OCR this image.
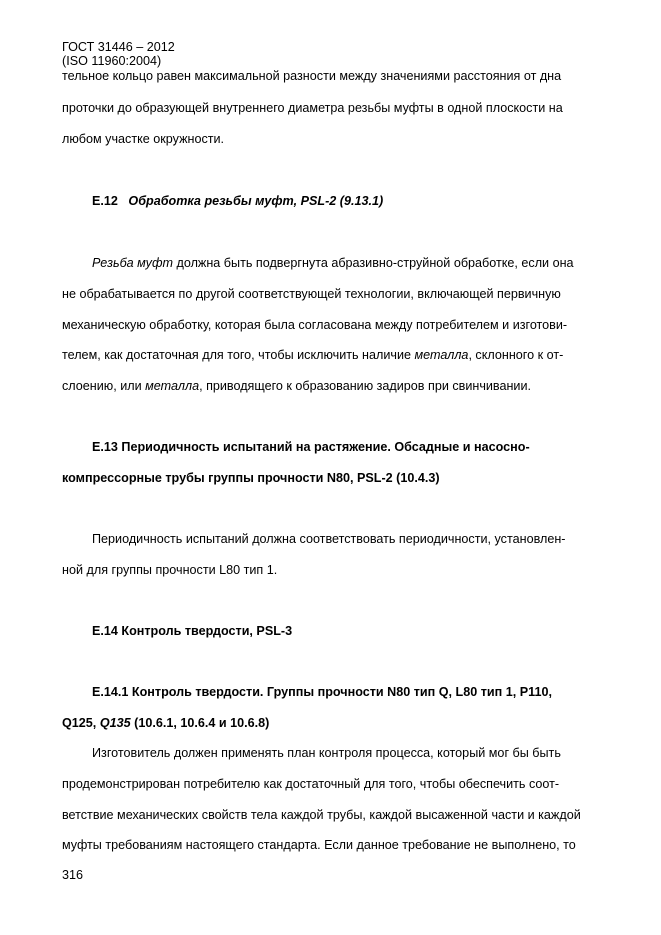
ГОСТ 31446 – 2012
(ISO 11960:2004)
тельное кольцо равен максимальной разности между значениями расстояния от дна
проточки до образующей внутреннего диаметра резьбы муфты в одной плоскости на
любом участке окружности.
Е.12 Обработка резьбы муфт, PSL-2 (9.13.1)
Резьба муфт должна быть подвергнута абразивно-струйной обработке, если она
не обрабатывается по другой соответствующей технологии, включающей первичную
механическую обработку, которая была согласована между потребителем и изготови-
телем, как достаточная для того, чтобы исключить наличие металла, склонного к от-
слоению, или металла, приводящего к образованию задиров при свинчивании.
Е.13 Периодичность испытаний на растяжение. Обсадные и насосно-
компрессорные трубы группы прочности N80, PSL-2 (10.4.3)
Периодичность испытаний должна соответствовать периодичности, установлен-
ной для группы прочности L80 тип 1.
Е.14 Контроль твердости, PSL-3
Е.14.1 Контроль твердости. Группы прочности N80 тип Q, L80 тип 1, Р110,
Q125, Q135 (10.6.1, 10.6.4 и 10.6.8)
Изготовитель должен применять план контроля процесса, который мог бы быть
продемонстрирован потребителю как достаточный для того, чтобы обеспечить соот-
ветствие механических свойств тела каждой трубы, каждой высаженной части и каждой
муфты требованиям настоящего стандарта. Если данное требование не выполнено, то
316
